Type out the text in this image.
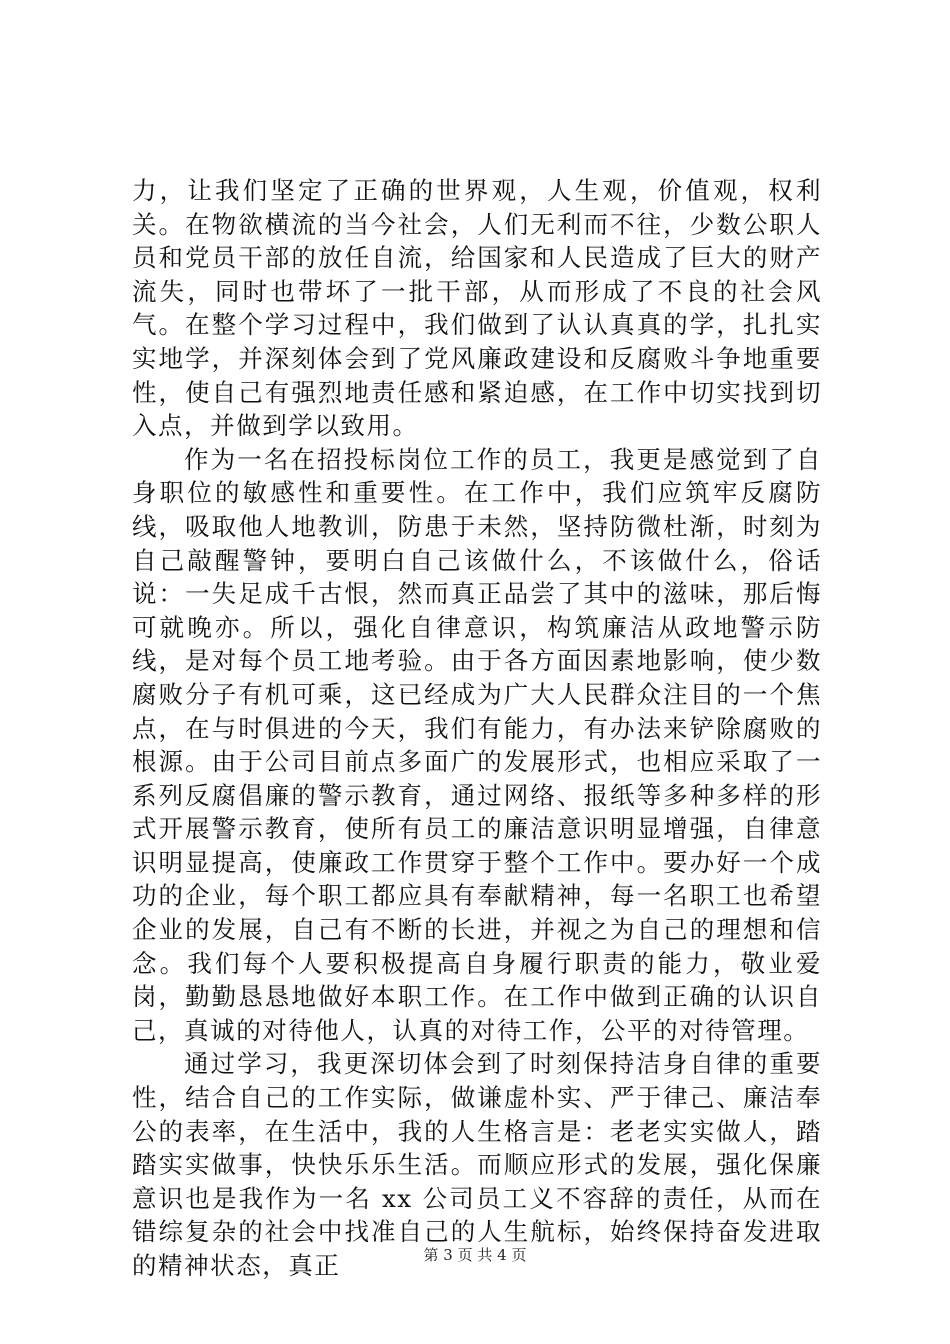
力，让我们坚定了正确的世界观，人生观，价值观，权利关。在物欲横流的当今社会，人们无利而不往，少数公职人员和党员干部的放任自流，给国家和人民造成了巨大的财产流失，同时也带坏了一批干部，从而形成了不良的社会风气。在整个学习过程中，我们做到了认认真真的学，扎扎实实地学，并深刻体会到了党风廉政建设和反腐败斗争地重要性，使自己有强烈地责任感和紧迫感，在工作中切实找到切入点，并做到学以致用。

作为一名在招投标岗位工作的员工，我更是感觉到了自身职位的敏感性和重要性。在工作中，我们应筑牢反腐防线，吸取他人地教训，防患于未然，坚持防微杜渐，时刻为自己敲醒警钟，要明白自己该做什么，不该做什么，俗话说：一失足成千古恨，然而真正品尝了其中的滋味，那后悔可就晚亦。所以，强化自律意识，构筑廉洁从政地警示防线，是对每个员工地考验。由于各方面因素地影响，使少数腐败分子有机可乘，这已经成为广大人民群众注目的一个焦点，在与时俱进的今天，我们有能力，有办法来铲除腐败的根源。由于公司目前点多面广的发展形式，也相应采取了一系列反腐倡廉的警示教育，通过网络、报纸等多种多样的形式开展警示教育，使所有员工的廉洁意识明显增强，自律意识明显提高，使廉政工作贯穿于整个工作中。要办好一个成功的企业，每个职工都应具有奉献精神，每一名职工也希望企业的发展，自己有不断的长进，并视之为自己的理想和信念。我们每个人要积极提高自身履行职责的能力，敬业爱岗，勤勤恳恳地做好本职工作。在工作中做到正确的认识自己，真诚的对待他人，认真的对待工作，公平的对待管理。

通过学习，我更深切体会到了时刻保持洁身自律的重要性，结合自己的工作实际，做谦虚朴实、严于律己、廉洁奉公的表率，在生活中，我的人生格言是：老老实实做人，踏踏实实做事，快快乐乐生活。而顺应形式的发展，强化保廉意识也是我作为一名 xx 公司员工义不容辞的责任，从而在错综复杂的社会中找准自己的人生航标，始终保持奋发进取的精神状态，真正	第 3 页 共 4 页
